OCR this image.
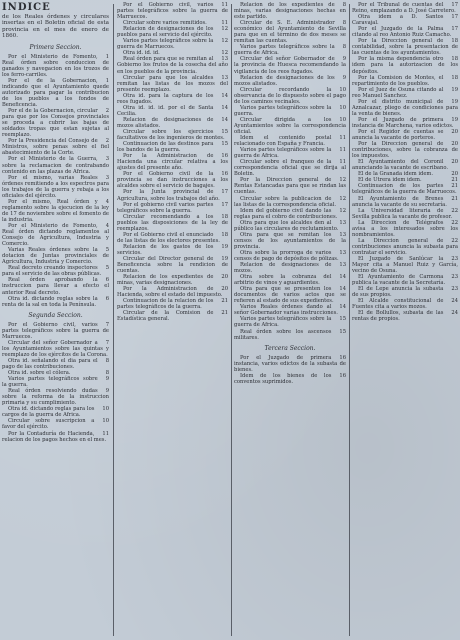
INDICE
de los Reales órdenes y circulares insertas en el Boletin oficial de esta provincia en el mes de enero de 1860.
Primera Seccion.

1
Por el Ministerio de Fomento, Real órden sobre conduccion de ganados y navegacion en los trozos de los ferro-carriles.

1
Por el de la Gobernacion, indicando que el Ayuntamiento quede autorizado para pagar la contribucion de los pueblos a los fondos de Beneficencia.

2
Por el de la Gobernacion, circular para que por los Consejos provinciales se proceda a cubrir las bajas de soldados tropas que estan sujetas al reemplazo.

2
Por la Presidencia del Consejo de Ministros, sobre penas sobre el fiel abastecimiento de la Corte.

3
Por el Ministerio de la Guerra, sobre la reclamacion de contrabando contenido en las plazas de Africa.

3
Por el mismo, varias Reales órdenes remitiendo a los espectros para los trabajos de la guerra y rebaja a los oficiales del ejército.

4
Por el mismo, Real órden y reglamento sobre la ejecucion de la ley de 17 de noviembre sobre el fomento de la industria.

4
Por el Ministerio de Fomento, Real órden dictando reglamentos al Consejo de Agricultura, Industria y Comercio.

5
Varias Reales órdenes sobre la dotacion de Juntas provinciales de Agricultura, Industria y Comercio.

5
Real decreto creando inspectores para el servicio de las obras públicas.

6
Real órden aprobando la instruccion para llevar a efecto el anterior Real decreto.

6
Otra id. dictando reglas sobre la renta de la sal en toda la Península.

Segunda Seccion.

7
Por el Gobierno civil, varios partes telegráficos sobre la guerra de Marruecos.

7
Circular del señor Gobernador a los Ayuntamientos sobre las quintas y reemplazo de los ejércitos de la Corona.

8
Otra id. señalando el dia para el pago de las contribuciones.

8
Otra id. sobre el cólera.

9
Varios partes telegráficos sobre la guerra.

9
Real órden resolviendo dudas sobre la reforma de la instruccion primaria y su cumplimiento.

10
Otra id. dictando reglas para los cargos de la guerra de Africa.

10
Circular sobre suscripcion a favor del ejército.

11
Por la Contaduría de Hacienda, relacion de los pagos hechos en el mes.

11
Por el Gobierno civil, varios partes telegráficos sobre la guerra de Marruecos.

11
Circular sobre varios remitidos.

12
Relacion de designaciones de los pueblos para el servicio del ejército.

12
Varios partes telegráficos sobre la guerra de Marruecos.

12
Otra id. id. id.

13
Real órden para que se remitan al Gobierno los frutos de la cosecha del año en los pueblos de la provincia.

13
Circular para que los alcaldes remitan las listas de los mozos del presente reemplazo.

14
Otra id. para la captura de los reos fugados.

14
Otra id. id. id. por el de Santa Cecilia.

14
Relacion de designaciones de mozos alistados.

15
Circular sobre los ejercicios facultativos de los ingenieros de montes.

15
Continuacion de las destinos para los bandos de la guerra.

16
Por la Administracion de Hacienda una circular relativa a los ajustes del presente año.

16
Por el Gobierno civil de la provincia se dan instrucciones a los alcaldes sobre el servicio de bagajes.

17
Por la Junta provincial de Agricultura, sobre los trabajos del año.

17
Por el gobierno civil varios partes telegráficos sobre la guerra.

18
Circular recomendando a los pueblos las disposiciones de la ley de reemplazos.

18
Por el Gobierno civil el enunciado de las listas de los electores presentes.

19
Relacion de los gastos de los servicios.

19
Circular del Director general de Beneficencia sobre la rendicion de cuentas.

20
Relacion de los expedientes de minas, varias designaciones.

20
Por la Administracion de Hacienda, sobre el estado del impuesto.

21
Continuacion de la relacion de los partes telegráficos de la guerra.

21
Circular de la Comision de Estadística general.

8
Relacion de los expedientes de minas, varias designaciones hechas en este partido.

8
Circular de S. E. Administrador económico del Ayuntamiento de Sevilla para que en el término de dos meses se remitan las cuentas.

8
Varios partes telegráficos sobre la guerra de Africa.

9
Circular del señor Gobernador de la provincia de Huesca recomendando la vigilancia de los reos fugados.

9
Relacion de designaciones de los mozos alistados.

10
Circular recordando la observancia de lo dispuesto sobre el pago de los caminos vecinales.

10
Varios partes telegráficos sobre la guerra.

10
Circular dirigida a los Ayuntamientos sobre la correspondencia oficial.

11
Idem el contenido postal relacionado con España y Francia.

11
Varios partes telegráficos sobre la guerra de Africa.

11
Circular sobre el franqueo de la correspondencia oficial que se dirija al Boletin.

12
Por la Direccion general de Rentas Estancadas para que se rindan las cuentas.

12
Circular sobre la publicacion de las listas de la correspondencia oficial.

12
Idem del gobierno civil dando las reglas para el cobro de contribuciones.

13
Otra para que los alcaldes den al público las circulares de reclutamiento.

13
Otra para que se remitan los censos de los ayuntamientos de la provincia.

13
Otra sobre la prorroga de varios censos de pago de depósitos de pólizas.

13
Relacion de designaciones de mozos.

14
Otra sobre la cobranza del arbitrio de vinos y aguardientes.

14
Otra para que se presenten los documentos de varios actos que se refieren al estado de sus expedientes.

14
Varios Reales órdenes dando al señor Gobernador varias instrucciones.

15
Varios partes telegráficos sobre la guerra de Africa.

15
Real órden sobre los ascensos militares.

Tercera Seccion.

16
Por el Juzgado de primera instancia, varios edictos de la subasta de bienes.

16
Idem de los bienes de los conventos suprimidos.

17
Por el Tribunal de cuentas del Reino, emplazando a D. José Carretero.

17
Otra idem a D. Santos Caravajal.

17
Por el Juzgado de la Palma citando al reo Antonio Ruiz Camacho.

18
Por la Direccion general de contabilidad, sobre la presentacion de las cuentas de los ayuntamientos.

18
Por la misma dependencia otro idem para la autorizacion de los depósitos.

18
Por la Comision de Montes, el repartimiento de los pueblos.

19
Por el Juez de Osuna citando al reo Manuel Sanchez.

19
Por el distrito municipal de Aznalcazar, pliego de condiciones para la venta de bienes.

19
Por el Juzgado de primera instancia de Marchena, varios edictos.

20
Por el Regidor de cuentas se anuncia la vacante de porteros.

20
Por la Direccion general de contribuciones, sobre la cobranza de los impuestos.

20
El Ayuntamiento del Coronil anunciando la vacante de escribano.

20
El de la Granada idem idem.

21
El de Utrera idem idem.

21
Continuacion de los partes telegráficos de la guerra de Marruecos.

21
El Ayuntamiento de Brenes anuncia la vacante de su secretaría.

22
La Universidad literaria de Sevilla publica la vacante de profesor.

22
La Direccion de Telégrafos avisa a los interesados sobre los nombramientos.

22
La Direccion general de contribuciones anuncia la subasta para contratar el servicio.

23
El Juzgado de Sanlúcar la Mayor cita a Manuel Ruiz y García, vecino de Osuna.

23
El Ayuntamiento de Carmona publica la vacante de la Secretaría.

23
El de Lepe anuncia la subasta de sus propios.

24
El Alcalde constitucional de Fuentes cita a varios mozos.

24
El de Bollullos, subasta de las rentas de propios.
